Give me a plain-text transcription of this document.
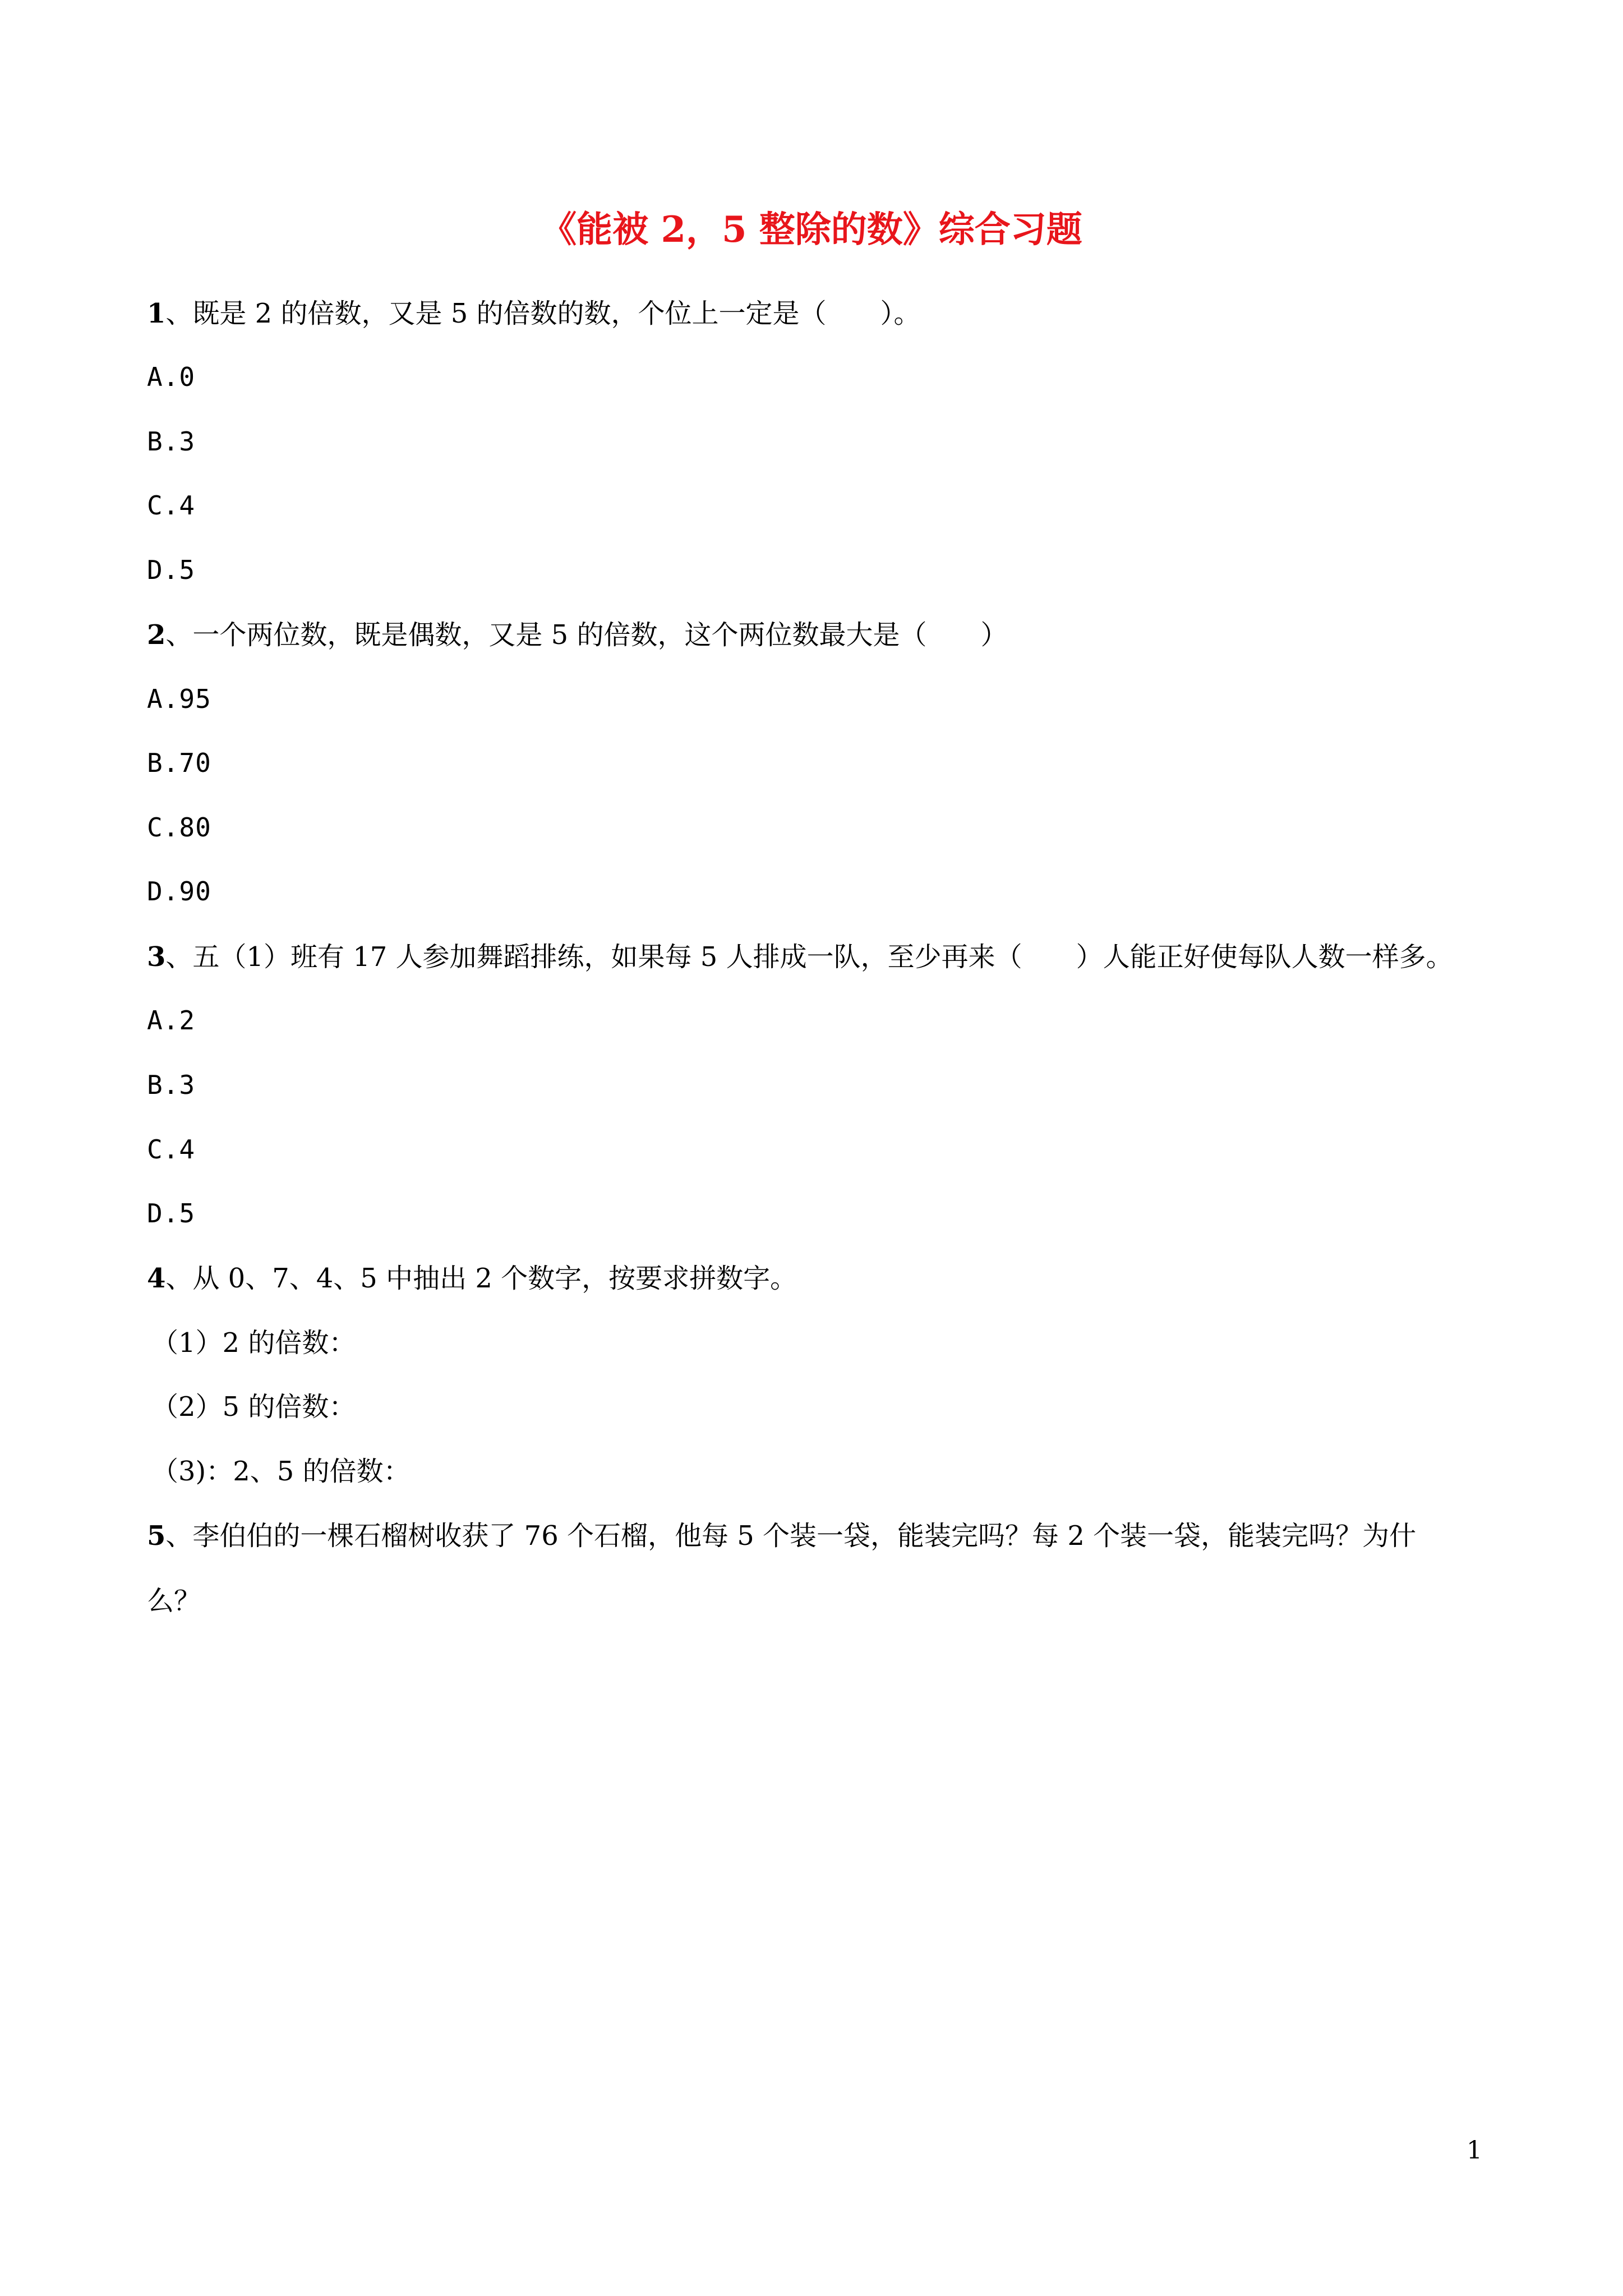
《能被 2，5 整除的数》综合习题
1、既是 2 的倍数，又是 5 的倍数的数，个位上一定是（　　）。
A.0
B.3
C.4
D.5
2、一个两位数，既是偶数，又是 5 的倍数，这个两位数最大是（　　）
A.95
B.70
C.80
D.90
3、五（1）班有 17 人参加舞蹈排练，如果每 5 人排成一队，至少再来（　　）人能正好使每队人数一样多。
A.2
B.3
C.4
D.5
4、从 0、7、4、5 中抽出 2 个数字，按要求拼数字。
（1）2 的倍数：
（2）5 的倍数：
（3)：2、5 的倍数：
5、李伯伯的一棵石榴树收获了 76 个石榴，他每 5 个装一袋，能装完吗？每 2 个装一袋，能装完吗？为什
么？
1
